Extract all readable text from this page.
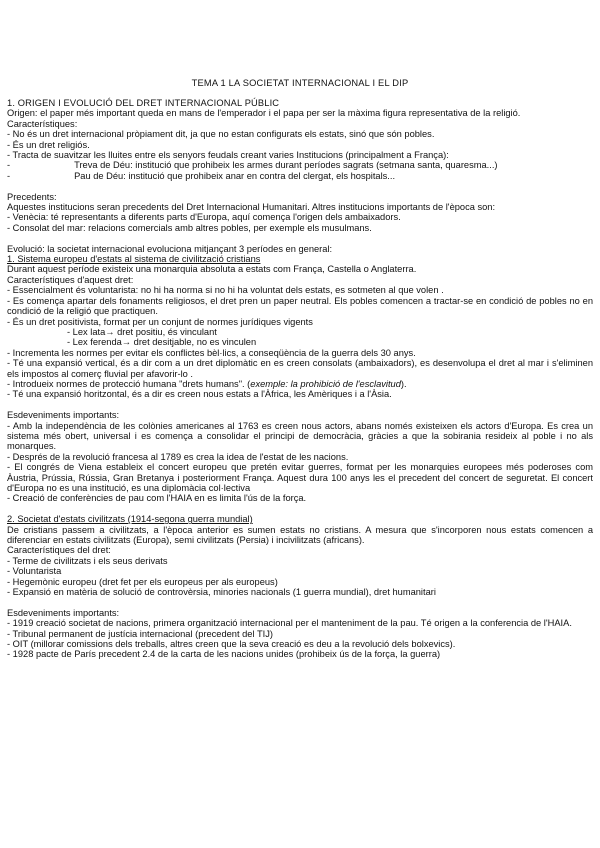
TEMA 1 LA SOCIETAT INTERNACIONAL I EL DIP
1. ORIGEN I EVOLUCIÓ DEL DRET INTERNACIONAL PÚBLIC
Origen: el paper més important queda en mans de l'emperador i el papa per ser la màxima figura representativa de la religió.
Característiques:
- No és un dret internacional pròpiament dit, ja que no estan configurats els estats, sinó que són pobles.
- És un dret religiós.
- Tracta de suavitzar les lluites entre els senyors feudals creant varies Institucions (principalment a França):
-	Treva de Déu: institució que prohibeix les armes durant períodes sagrats (setmana santa, quaresma...)
-	Pau de Déu: institució que prohibeix anar en contra del clergat, els hospitals...
Precedents:
Aquestes institucions seran precedents del Dret Internacional Humanitari. Altres institucions importants de l'època son:
- Venècia: té representants a diferents parts d'Europa, aquí comença l'origen dels ambaixadors.
- Consolat del mar: relacions comercials amb altres pobles, per exemple els musulmans.
Evolució: la societat internacional evoluciona mitjançant 3 períodes en general:
1. Sistema europeu d'estats al sistema de civilització cristians
Durant aquest període existeix una monarquia absoluta a estats com França, Castella o Anglaterra.
Característiques d'aquest dret:
- Essencialment és voluntarista: no hi ha norma si no hi ha voluntat dels estats, es sotmeten al que volen .
- Es comença apartar dels fonaments religiosos, el dret pren un paper neutral. Els pobles comencen a tractar-se en condició de pobles no en condició de la religió que practiquen.
- És un dret positivista, format per un conjunt de normes jurídiques vigents
- Lex lata→ dret positiu, és vinculant
- Lex ferenda→ dret desitjable, no es vinculen
- Incrementa les normes per evitar els conflictes bèl·lics, a conseqüència de la guerra dels 30 anys.
- Té una expansió vertical, és a dir com a un dret diplomàtic en es creen consolats (ambaixadors), es desenvolupa el dret al mar i s'eliminen els impostos al comerç fluvial per afavorir-lo .
- Introdueix normes de protecció humana "drets humans". (exemple: la prohibició de l'esclavitud).
- Té una expansió horitzontal, és a dir es creen nous estats a l'Àfrica, les Amèriques i a l'Àsia.
Esdeveniments importants:
- Amb la independència de les colònies americanes al 1763 es creen nous actors, abans només existeixen els actors d'Europa. Es crea un sistema més obert, universal i es comença a consolidar el principi de democràcia, gràcies a que la sobirania resideix al poble i no als monarques.
- Després de la revolució francesa al 1789 es crea la idea de l'estat de les nacions.
- El congrés de Viena estableix el concert europeu que pretén evitar guerres, format per les monarquies europees més poderoses com Àustria, Prússia, Rússia, Gran Bretanya i posteriorment França. Aquest dura 100 anys les el precedent del concert de seguretat. El concert d'Europa no es una institució, es una diplomàcia col·lectiva
- Creació de conferències de pau com l'HAIA en es limita l'ús de la força.
2. Societat d'estats civilitzats (1914-segona guerra mundial)
De cristians passem a civilitzats, a l'època anterior es sumen estats no cristians. A mesura que s'incorporen nous estats comencen a diferenciar en estats civilitzats (Europa), semi civilitzats (Persia) i incivilitzats (africans).
Característiques del dret:
- Terme de civilitzats i els seus derivats
- Voluntarista
- Hegemònic europeu (dret fet per els europeus per als europeus)
- Expansió en matèria de solució de controvèrsia, minories nacionals (1 guerra mundial), dret humanitari
Esdeveniments importants:
- 1919 creació societat de nacions, primera organització internacional per el manteniment de la pau. Té origen a la conferencia de l'HAIA.
- Tribunal permanent de justícia internacional (precedent del TIJ)
- OIT (millorar comissions dels treballs, altres creen que la seva creació es deu a la revolució dels bolxevics).
- 1928 pacte de París precedent 2.4 de la carta de les nacions unides (prohibeix ús de la força, la guerra)
